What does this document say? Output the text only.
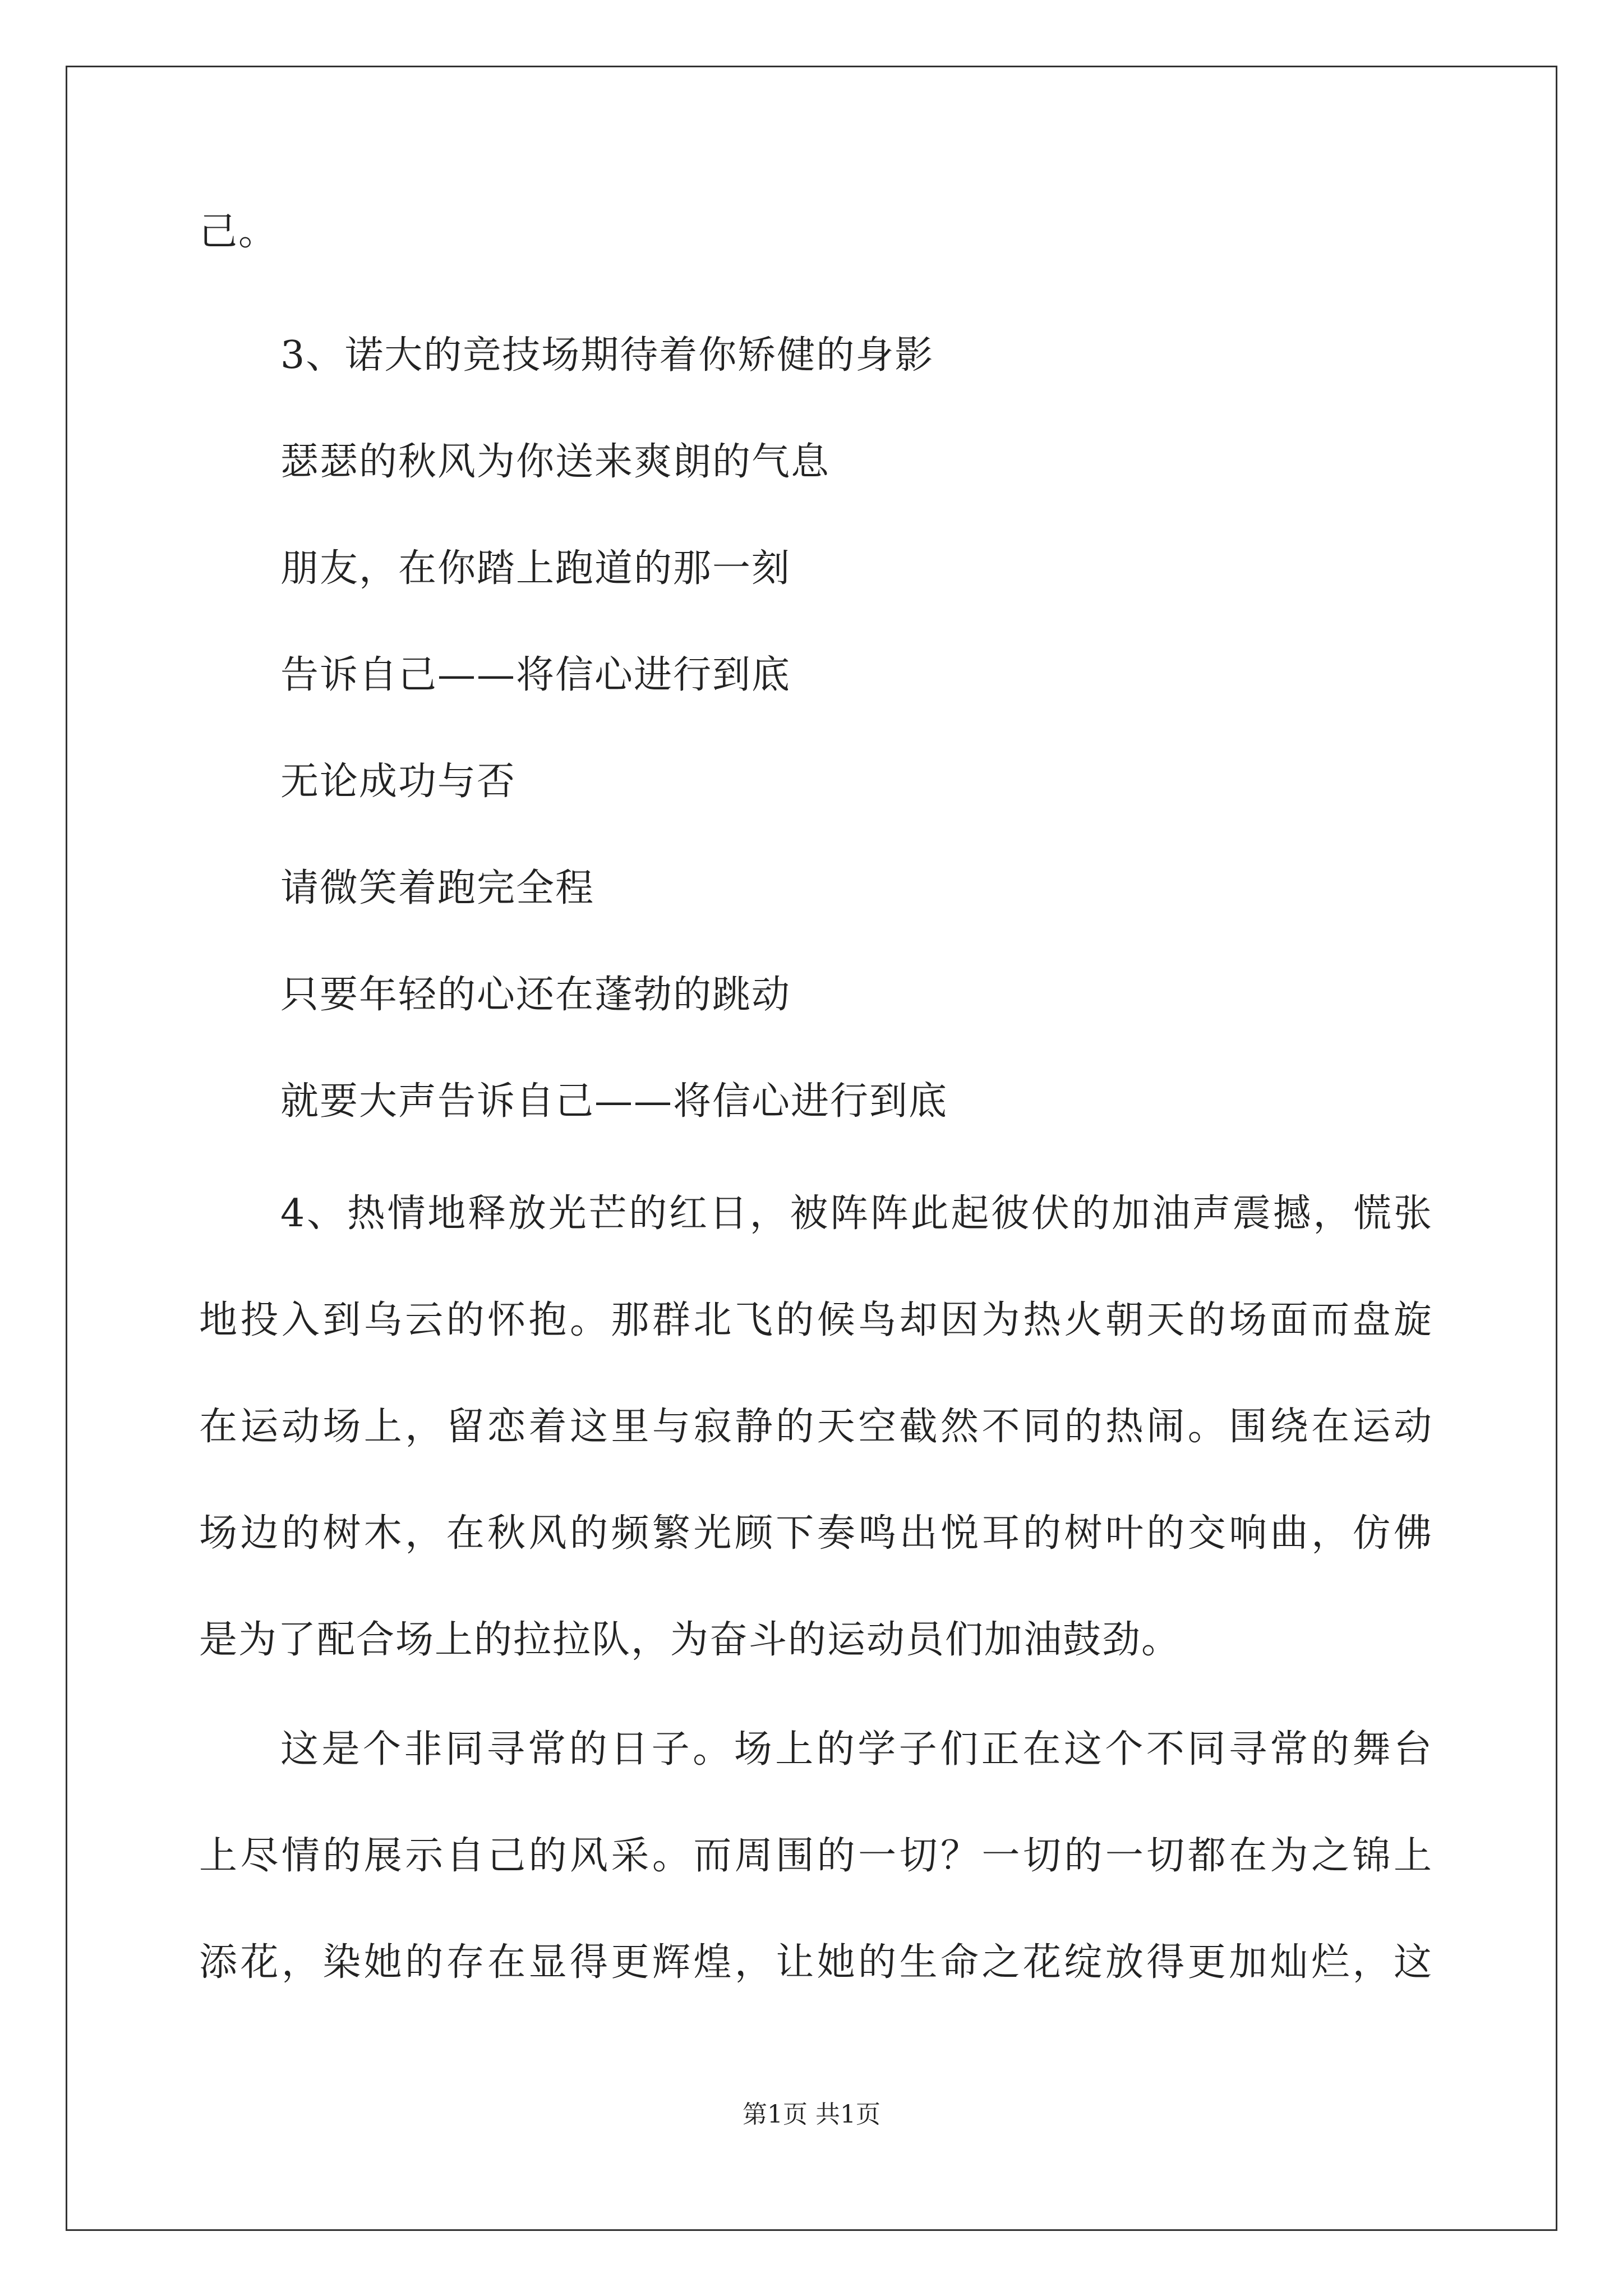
己。
3、诺大的竞技场期待着你矫健的身影
瑟瑟的秋风为你送来爽朗的气息
朋友，在你踏上跑道的那一刻
告诉自己——将信心进行到底
无论成功与否
请微笑着跑完全程
只要年轻的心还在蓬勃的跳动
就要大声告诉自己——将信心进行到底
4、热情地释放光芒的红日，被阵阵此起彼伏的加油声震撼，慌张
地投入到乌云的怀抱。那群北飞的候鸟却因为热火朝天的场面而盘旋
在运动场上，留恋着这里与寂静的天空截然不同的热闹。围绕在运动
场边的树木，在秋风的频繁光顾下奏鸣出悦耳的树叶的交响曲，仿佛
是为了配合场上的拉拉队，为奋斗的运动员们加油鼓劲。
这是个非同寻常的日子。场上的学子们正在这个不同寻常的舞台
上尽情的展示自己的风采。而周围的一切？一切的一切都在为之锦上
添花，染她的存在显得更辉煌，让她的生命之花绽放得更加灿烂，这
第1页 共1页
